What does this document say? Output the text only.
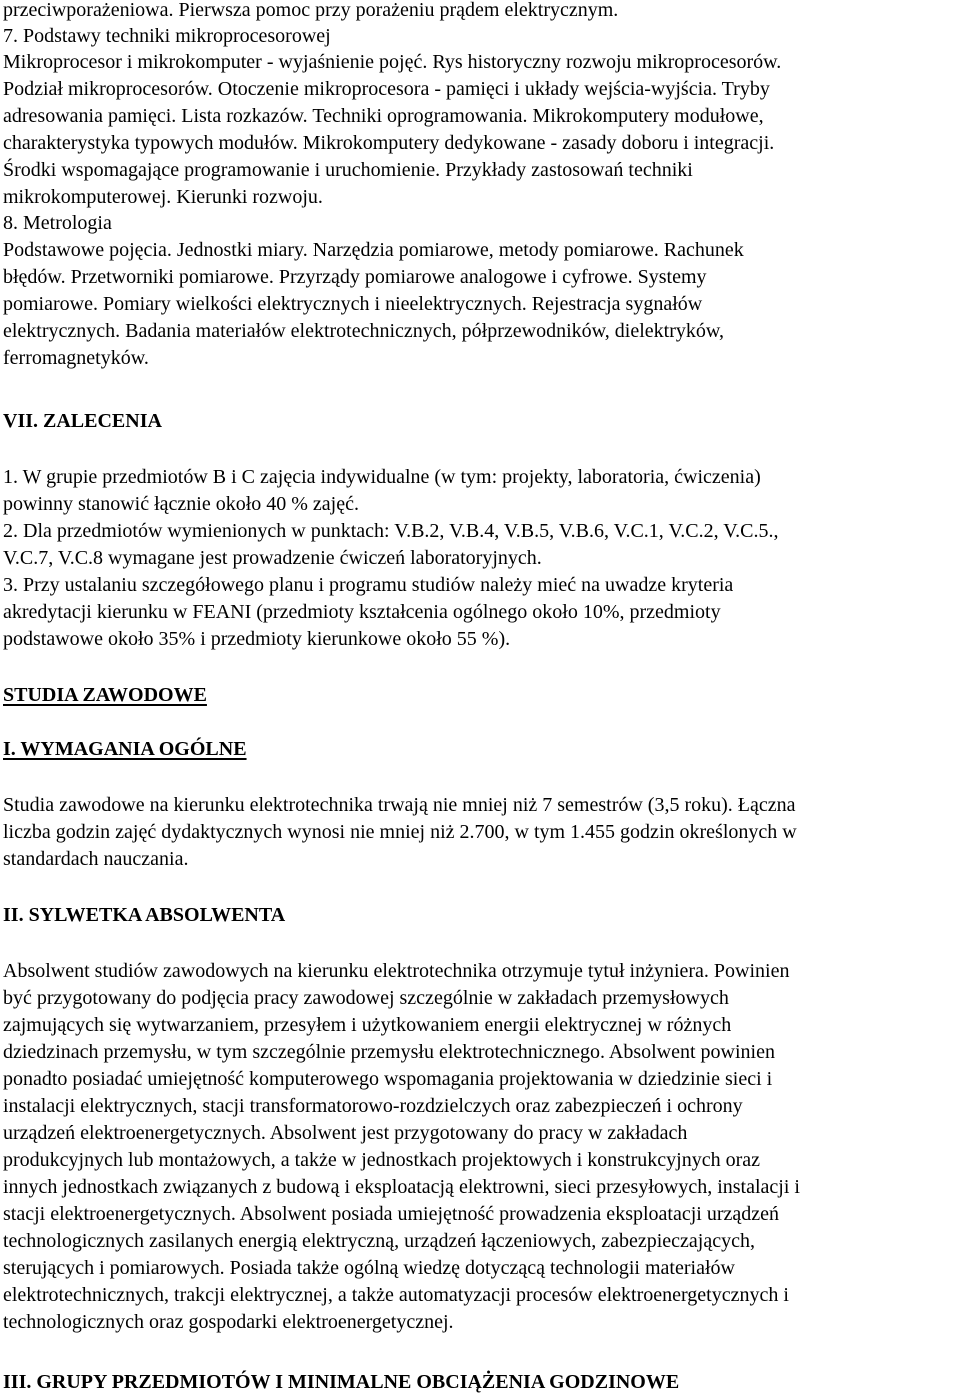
przeciwporażeniowa. Pierwsza pomoc przy porażeniu prądem elektrycznym.
7. Podstawy techniki mikroprocesorowej
Mikroprocesor i mikrokomputer - wyjaśnienie pojęć. Rys historyczny rozwoju mikroprocesorów.
Podział mikroprocesorów. Otoczenie mikroprocesora - pamięci i układy wejścia-wyjścia. Tryby
adresowania pamięci. Lista rozkazów. Techniki oprogramowania. Mikrokomputery modułowe,
charakterystyka typowych modułów. Mikrokomputery dedykowane - zasady doboru i integracji.
Środki wspomagające programowanie i uruchomienie. Przykłady zastosowań techniki
mikrokomputerowej. Kierunki rozwoju.
8. Metrologia
Podstawowe pojęcia. Jednostki miary. Narzędzia pomiarowe, metody pomiarowe. Rachunek
błędów. Przetworniki pomiarowe. Przyrządy pomiarowe analogowe i cyfrowe. Systemy
pomiarowe. Pomiary wielkości elektrycznych i nieelektrycznych. Rejestracja sygnałów
elektrycznych. Badania materiałów elektrotechnicznych, półprzewodników, dielektryków,
ferromagnetyków.
VII. ZALECENIA
1. W grupie przedmiotów B i C zajęcia indywidualne (w tym: projekty, laboratoria, ćwiczenia)
powinny stanowić łącznie około 40 % zajęć.
2. Dla przedmiotów wymienionych w punktach: V.B.2, V.B.4, V.B.5, V.B.6, V.C.1, V.C.2, V.C.5.,
V.C.7, V.C.8 wymagane jest prowadzenie ćwiczeń laboratoryjnych.
3. Przy ustalaniu szczegółowego planu i programu studiów należy mieć na uwadze kryteria
akredytacji kierunku w FEANI (przedmioty kształcenia ogólnego około 10%, przedmioty
podstawowe około 35% i przedmioty kierunkowe około 55 %).
STUDIA ZAWODOWE
I. WYMAGANIA OGÓLNE
Studia zawodowe na kierunku elektrotechnika trwają nie mniej niż 7 semestrów (3,5 roku). Łączna
liczba godzin zajęć dydaktycznych wynosi nie mniej niż 2.700, w tym 1.455 godzin określonych w
standardach nauczania.
II. SYLWETKA ABSOLWENTA
Absolwent studiów zawodowych na kierunku elektrotechnika otrzymuje tytuł inżyniera. Powinien
być przygotowany do podjęcia pracy zawodowej szczególnie w zakładach przemysłowych
zajmujących się wytwarzaniem, przesyłem i użytkowaniem energii elektrycznej w różnych
dziedzinach przemysłu, w tym szczególnie przemysłu elektrotechnicznego. Absolwent powinien
ponadto posiadać umiejętność komputerowego wspomagania projektowania w dziedzinie sieci i
instalacji elektrycznych, stacji transformatorowo-rozdzielczych oraz zabezpieczeń i ochrony
urządzeń elektroenergetycznych. Absolwent jest przygotowany do pracy w zakładach
produkcyjnych lub montażowych, a także w jednostkach projektowych i konstrukcyjnych oraz
innych jednostkach związanych z budową i eksploatacją elektrowni, sieci przesyłowych, instalacji i
stacji elektroenergetycznych. Absolwent posiada umiejętność prowadzenia eksploatacji urządzeń
technologicznych zasilanych energią elektryczną, urządzeń łączeniowych, zabezpieczających,
sterujących i pomiarowych. Posiada także ogólną wiedzę dotyczącą technologii materiałów
elektrotechnicznych, trakcji elektrycznej, a także automatyzacji procesów elektroenergetycznych i
technologicznych oraz gospodarki elektroenergetycznej.
III. GRUPY PRZEDMIOTÓW I MINIMALNE OBCIĄŻENIA GODZINOWE
